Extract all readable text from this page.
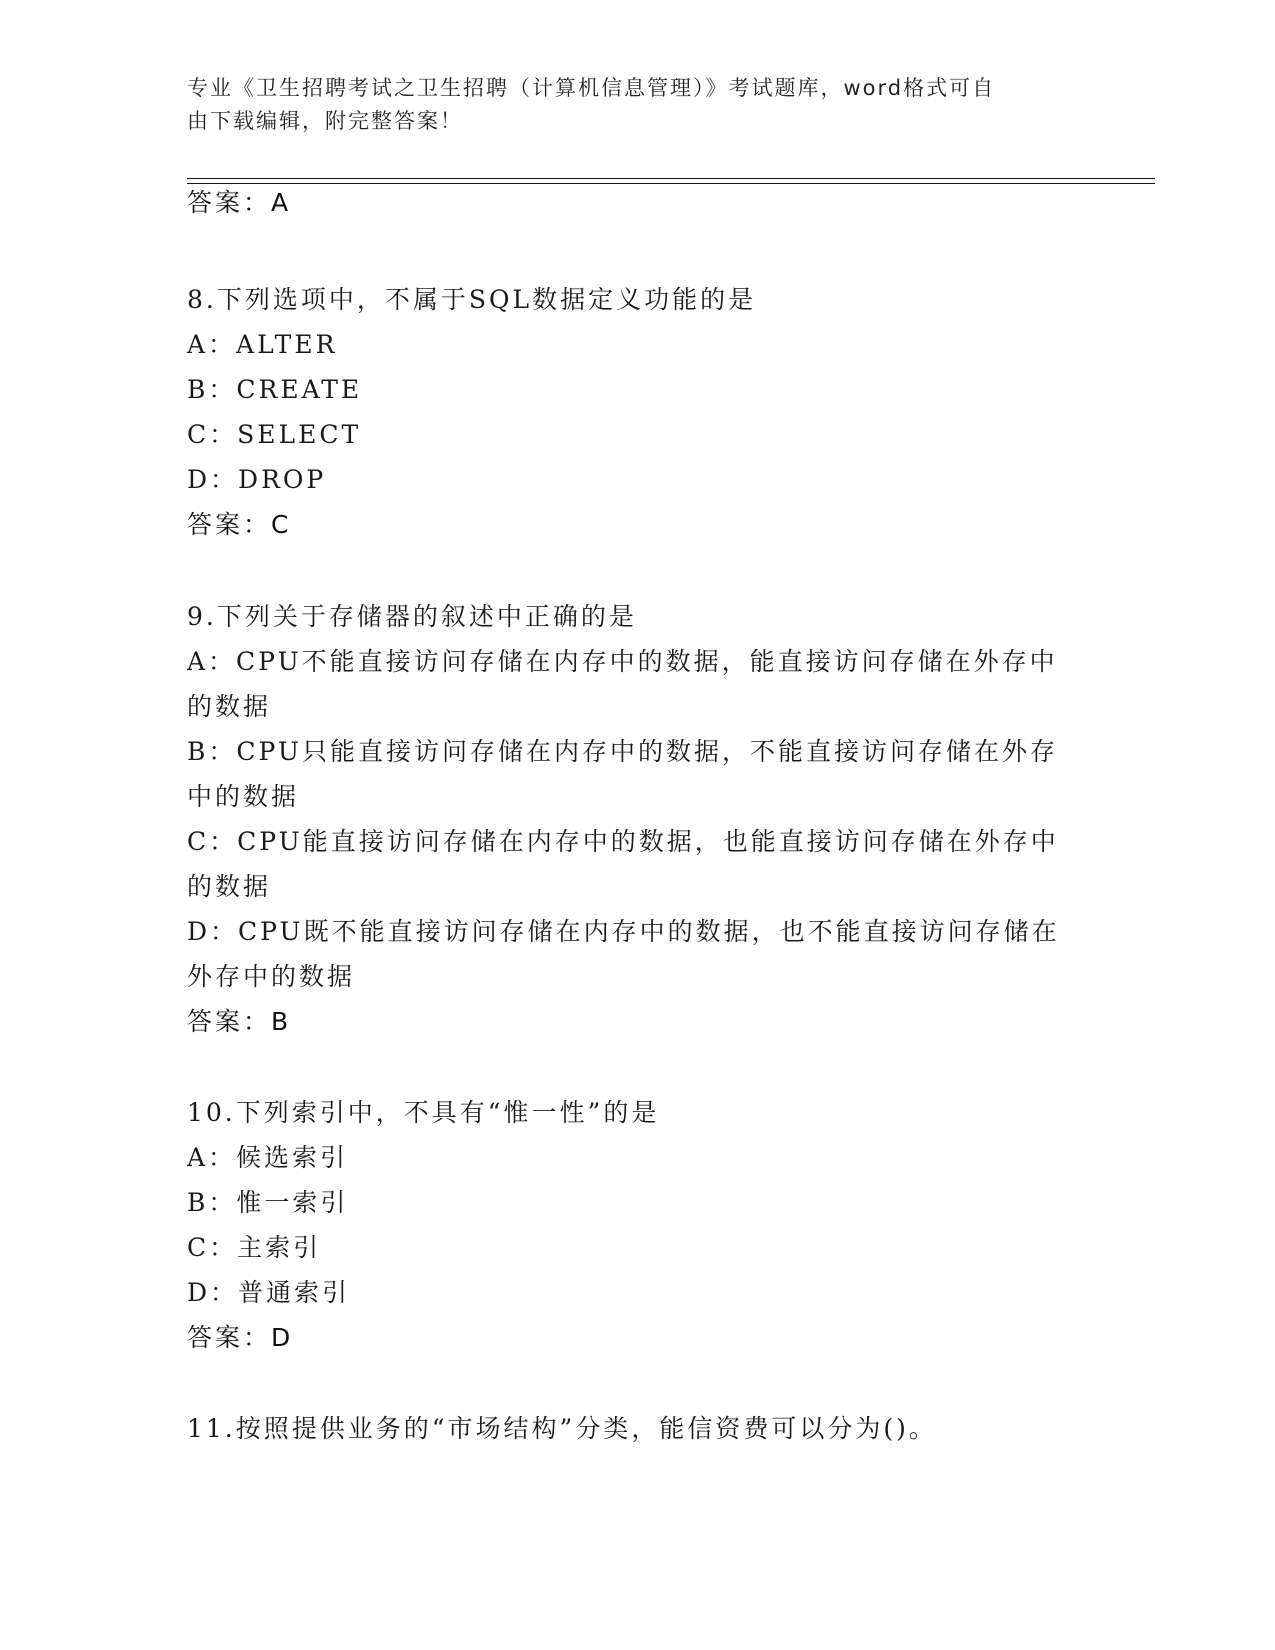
专业《卫生招聘考试之卫生招聘（计算机信息管理）》考试题库，word格式可自
由下载编辑，附完整答案！
答案：A
8.下列选项中，不属于SQL数据定义功能的是
A：ALTER
B：CREATE
C：SELECT
D：DROP
答案：C
9.下列关于存储器的叙述中正确的是
A：CPU不能直接访问存储在内存中的数据，能直接访问存储在外存中
的数据
B：CPU只能直接访问存储在内存中的数据，不能直接访问存储在外存
中的数据
C：CPU能直接访问存储在内存中的数据，也能直接访问存储在外存中
的数据
D：CPU既不能直接访问存储在内存中的数据，也不能直接访问存储在
外存中的数据
答案：B
10.下列索引中，不具有“惟一性”的是
A：候选索引
B：惟一索引
C：主索引
D：普通索引
答案：D
11.按照提供业务的“市场结构”分类，能信资费可以分为()。
